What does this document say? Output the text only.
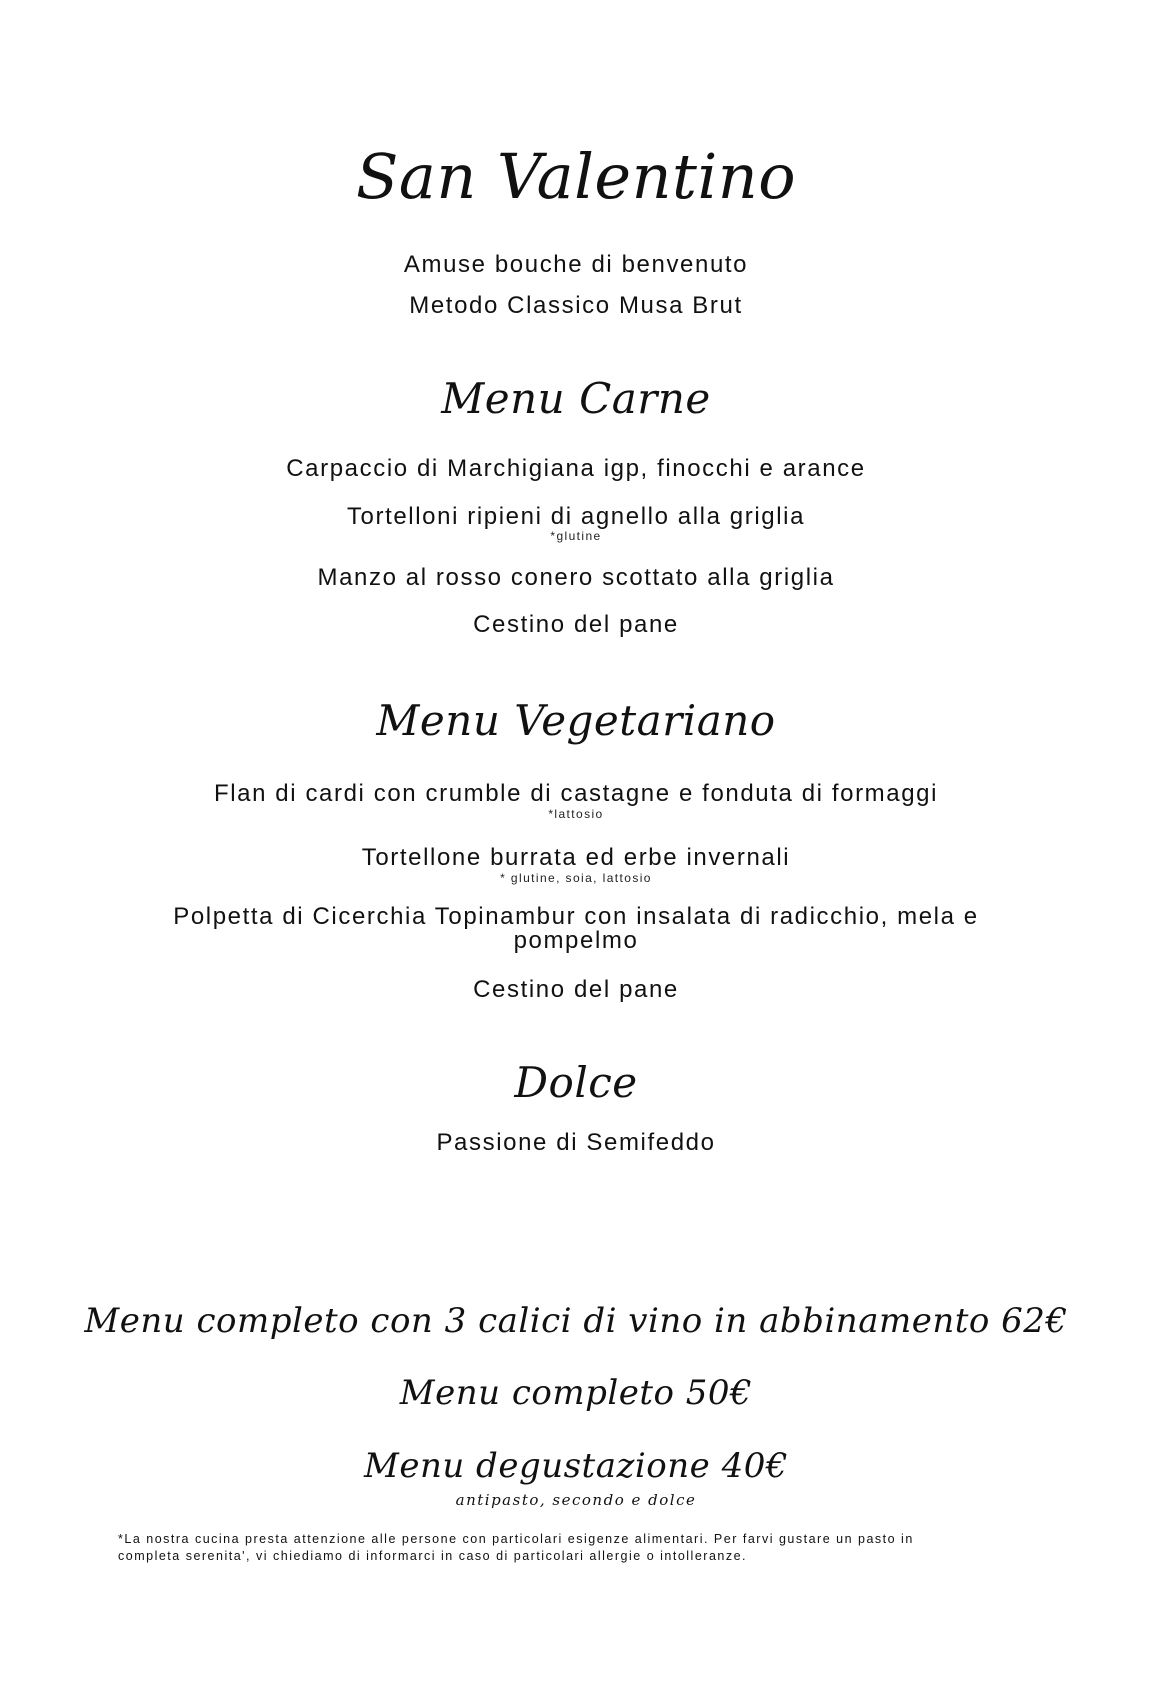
San Valentino
Amuse bouche di benvenuto
Metodo Classico Musa Brut
Menu Carne
Carpaccio di Marchigiana igp, finocchi e arance
Tortelloni ripieni di agnello alla griglia
*glutine
Manzo al rosso conero scottato alla griglia
Cestino del pane
Menu Vegetariano
Flan di cardi con crumble di castagne e fonduta di formaggi
*lattosio
Tortellone burrata ed erbe invernali
* glutine, soia, lattosio
Polpetta di Cicerchia Topinambur con insalata di radicchio, mela e
pompelmo
Cestino del pane
Dolce
Passione di Semifeddo
Menu completo con 3 calici di vino in abbinamento 62€
Menu completo 50€
Menu degustazione 40€
antipasto, secondo e dolce
*La nostra cucina presta attenzione alle persone con particolari esigenze alimentari. Per farvi gustare un pasto in
completa serenita', vi chiediamo di informarci in caso di particolari allergie o intolleranze.
